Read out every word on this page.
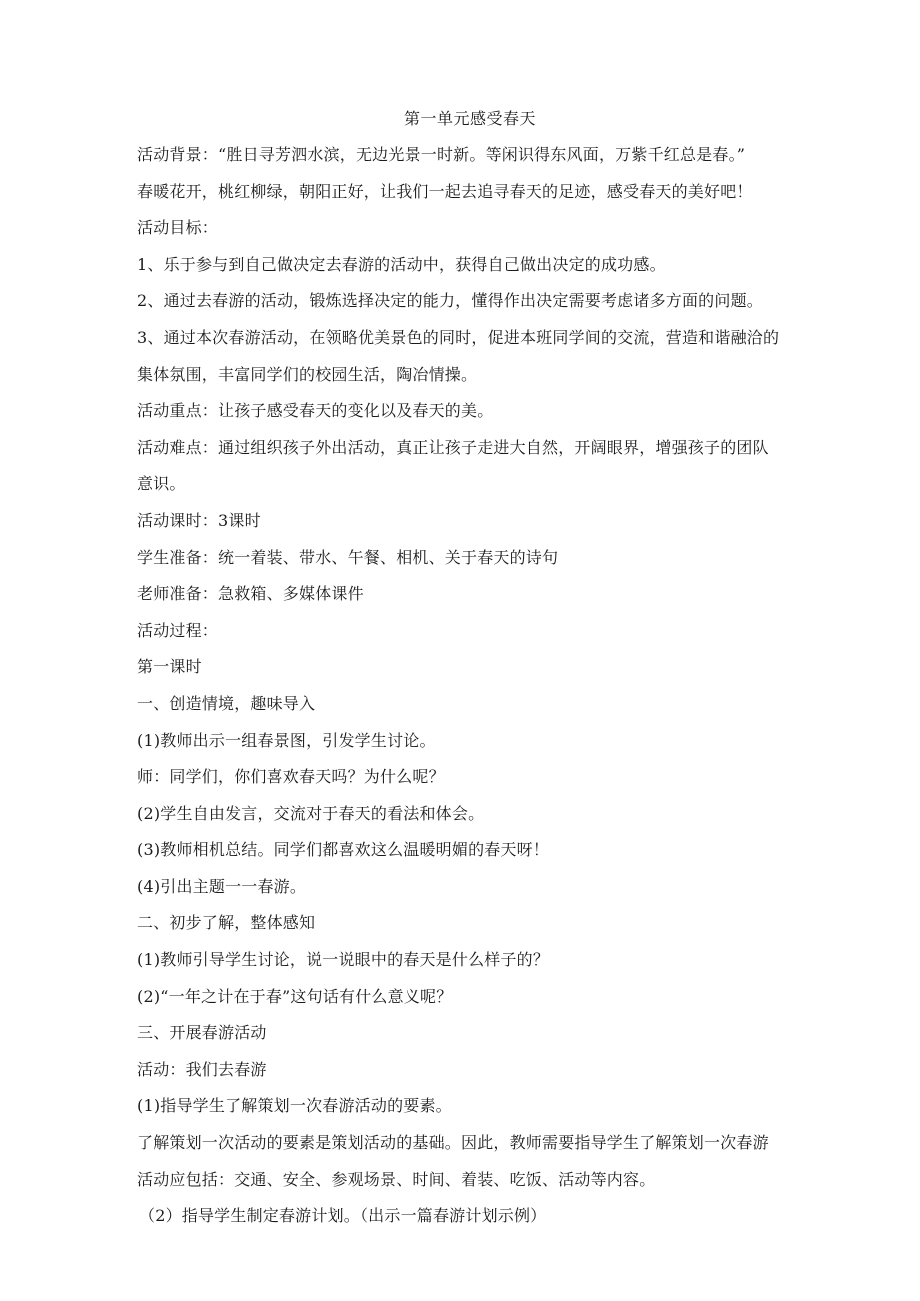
第一单元感受春天
活动背景：“胜日寻芳泗水滨，无边光景一时新。等闲识得东风面，万紫千红总是春。”
春暖花开，桃红柳绿，朝阳正好，让我们一起去追寻春天的足迹，感受春天的美好吧！
活动目标：
1、乐于参与到自己做决定去春游的活动中，获得自己做出决定的成功感。
2、通过去春游的活动，锻炼选择决定的能力，懂得作出决定需要考虑诸多方面的问题。
3、通过本次春游活动，在领略优美景色的同时，促进本班同学间的交流，营造和谐融洽的
集体氛围，丰富同学们的校园生活，陶冶情操。
活动重点：让孩子感受春天的变化以及春天的美。
活动难点：通过组织孩子外出活动，真正让孩子走进大自然，开阔眼界，增强孩子的团队
意识。
活动课时：3课时
学生准备：统一着装、带水、午餐、相机、关于春天的诗句
老师准备：急救箱、多媒体课件
活动过程：
第一课时
一、创造情境，趣味导入
(1)教师出示一组春景图，引发学生讨论。
师：同学们，你们喜欢春天吗？为什么呢？
(2)学生自由发言，交流对于春天的看法和体会。
(3)教师相机总结。同学们都喜欢这么温暖明媚的春天呀！
(4)引出主题一一春游。
二、初步了解，整体感知
(1)教师引导学生讨论，说一说眼中的春天是什么样子的？
(2)“一年之计在于春”这句话有什么意义呢？
三、开展春游活动
活动：我们去春游
(1)指导学生了解策划一次春游活动的要素。
了解策划一次活动的要素是策划活动的基础。因此，教师需要指导学生了解策划一次春游
活动应包括：交通、安全、参观场景、时间、着装、吃饭、活动等内容。
（2）指导学生制定春游计划。（出示一篇春游计划示例）
